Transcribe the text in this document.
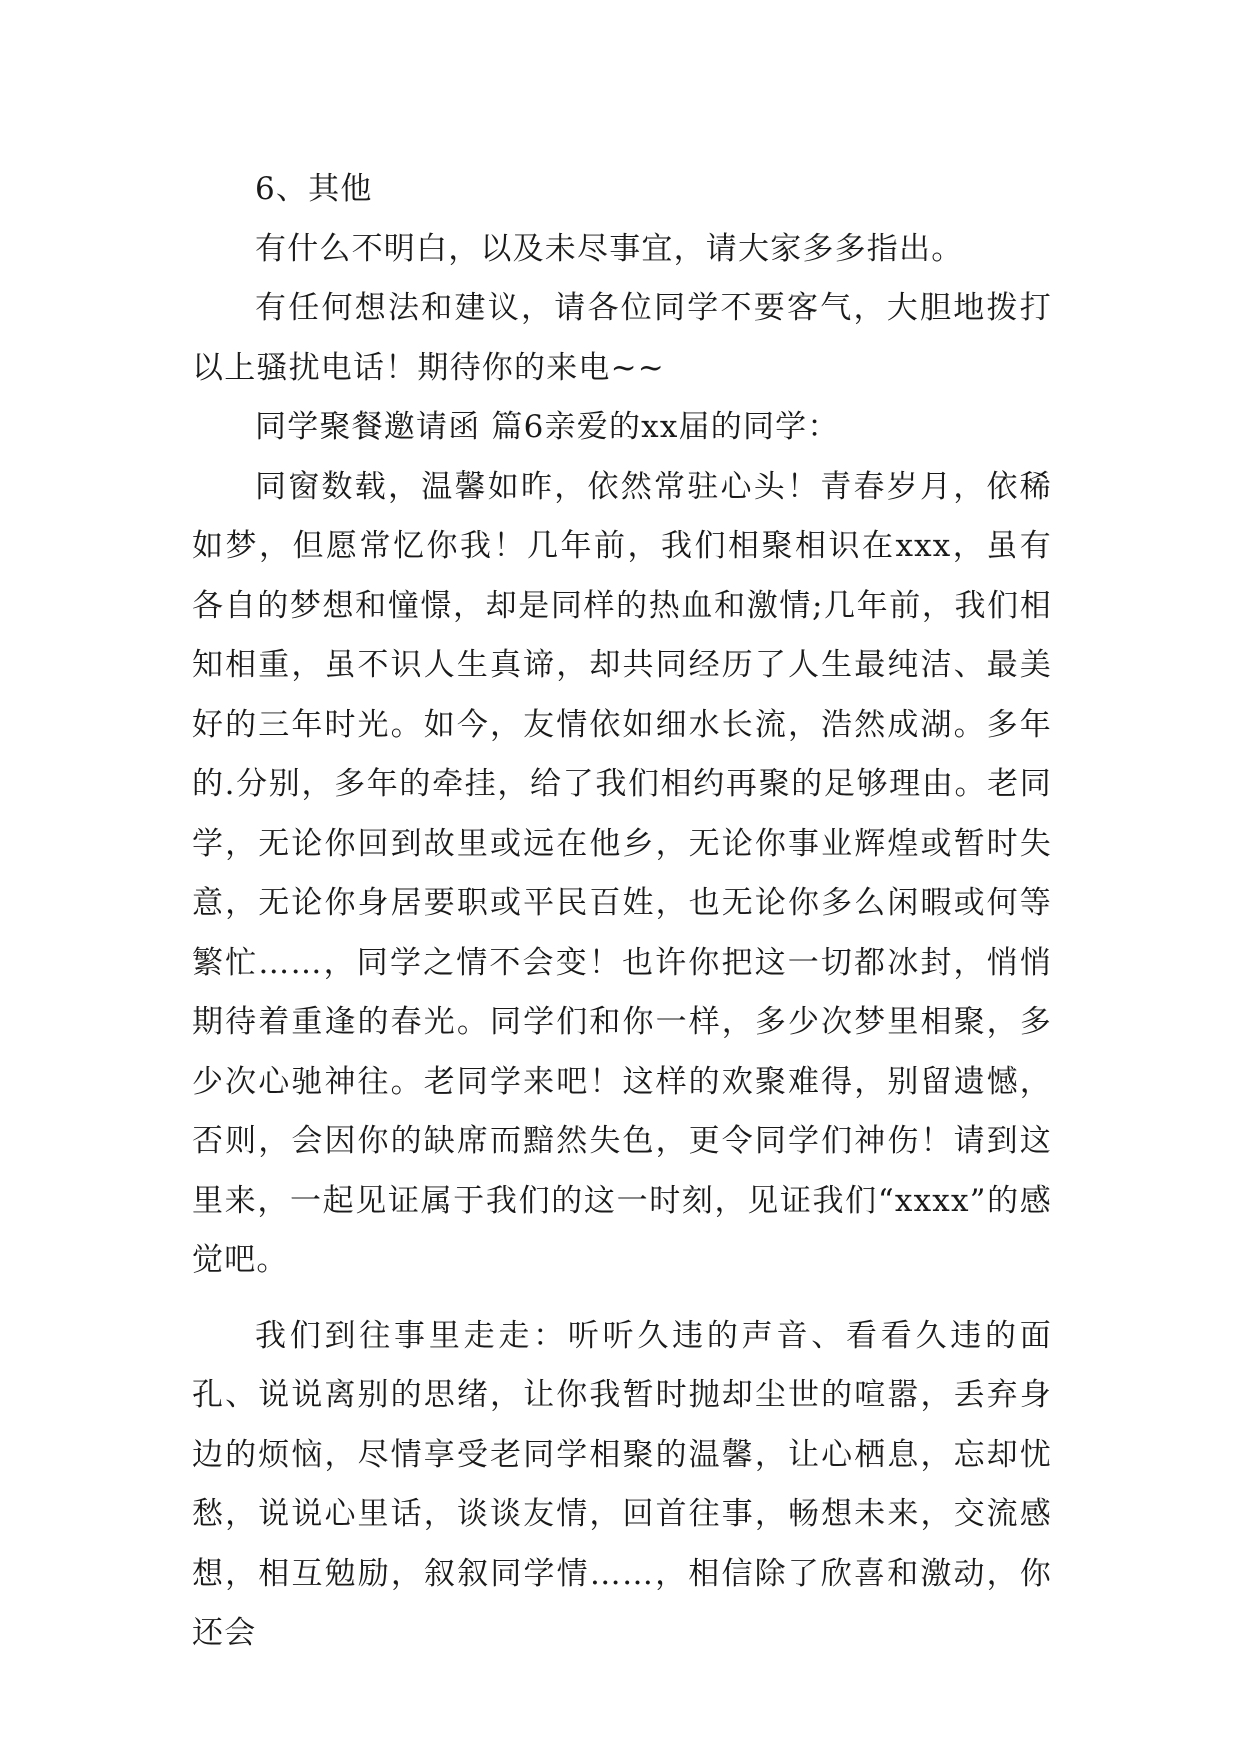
6、其他

有什么不明白，以及未尽事宜，请大家多多指出。

有任何想法和建议，请各位同学不要客气，大胆地拨打以上骚扰电话！期待你的来电~~

同学聚餐邀请函 篇6亲爱的xx届的同学：

同窗数载，温馨如昨，依然常驻心头！青春岁月，依稀如梦，但愿常忆你我！几年前，我们相聚相识在xxx，虽有各自的梦想和憧憬，却是同样的热血和激情;几年前，我们相知相重，虽不识人生真谛，却共同经历了人生最纯洁、最美好的三年时光。如今，友情依如细水长流，浩然成湖。多年的.分别，多年的牵挂，给了我们相约再聚的足够理由。老同学，无论你回到故里或远在他乡，无论你事业辉煌或暂时失意，无论你身居要职或平民百姓，也无论你多么闲暇或何等繁忙……，同学之情不会变！也许你把这一切都冰封，悄悄期待着重逢的春光。同学们和你一样，多少次梦里相聚，多少次心驰神往。老同学来吧！这样的欢聚难得，别留遗憾，否则，会因你的缺席而黯然失色，更令同学们神伤！请到这里来，一起见证属于我们的这一时刻，见证我们“xxxx”的感觉吧。

我们到往事里走走：听听久违的声音、看看久违的面孔、说说离别的思绪，让你我暂时抛却尘世的喧嚣，丢弃身边的烦恼，尽情享受老同学相聚的温馨，让心栖息，忘却忧愁，说说心里话，谈谈友情，回首往事，畅想未来，交流感想，相互勉励，叙叙同学情……，相信除了欣喜和激动，你还会
